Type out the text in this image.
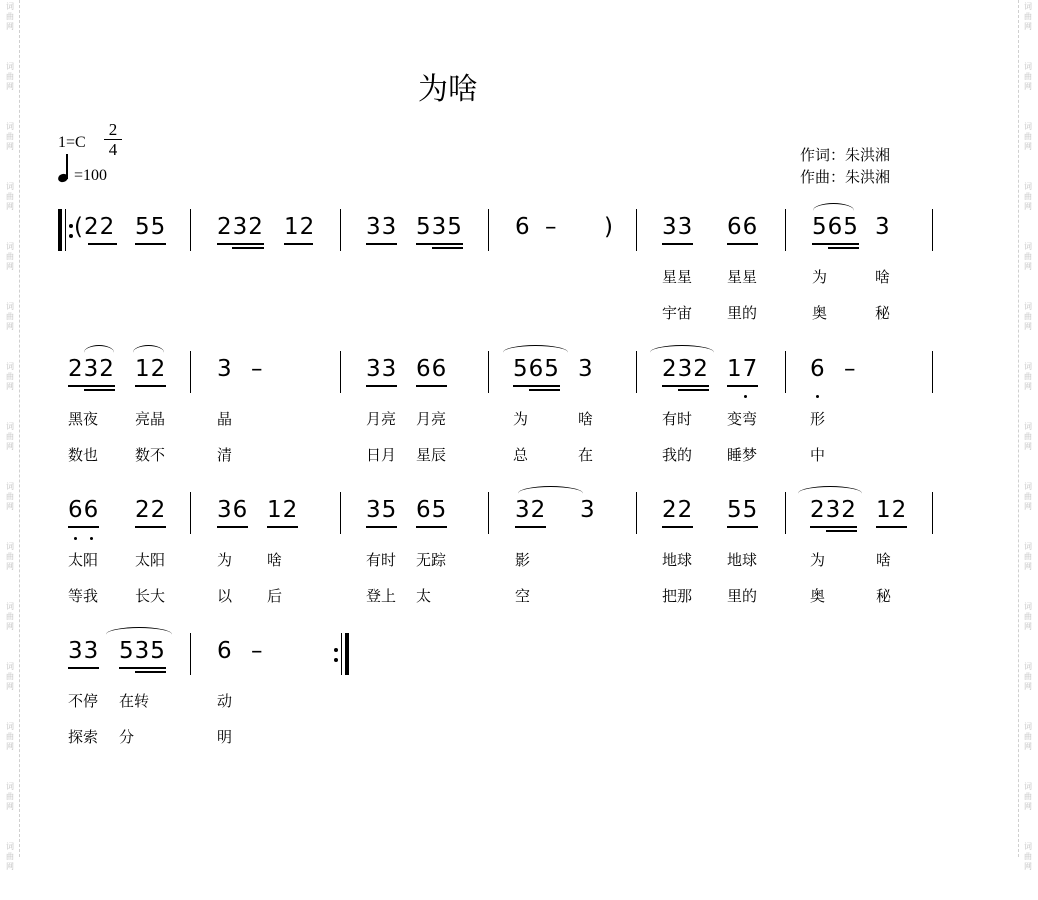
词
曲
网
词
曲
网
词
曲
网
词
曲
网
词
曲
网
词
曲
网
词
曲
网
词
曲
网
词
曲
网
词
曲
网
词
曲
网
词
曲
网
词
曲
网
词
曲
网
词
曲
网
词
曲
网
词
曲
网
词
曲
网
词
曲
网
词
曲
网
词
曲
网
词
曲
网
词
曲
网
词
曲
网
词
曲
网
词
曲
网
词
曲
网
词
曲
网
词
曲
网
词
曲
网
为啥
1=C
2
4
=100
作词：朱洪湘
作曲：朱洪湘
(22 55 232 12 33 535 6 – ) 33 66 565 3
星星 星星	为	啥
宇宙 里的	奥	秘
232 12 3 –	33 66	565 3	232 17 6 –
黑夜 亮晶	晶	月亮 月亮	为	啥	有时 变弯	形
数也 数不	清	日月 星辰	总	在	我的 睡梦	中
66 22 36 12	35 65	32 3	22 55 232 12
太阳 太阳	为 啥	有时 无踪	影	地球 地球	为	啥
等我 长大	以 后	登上 太	空	把那 里的	奥	秘
33 535 6 –
不停 在转	动
探索 分	明
